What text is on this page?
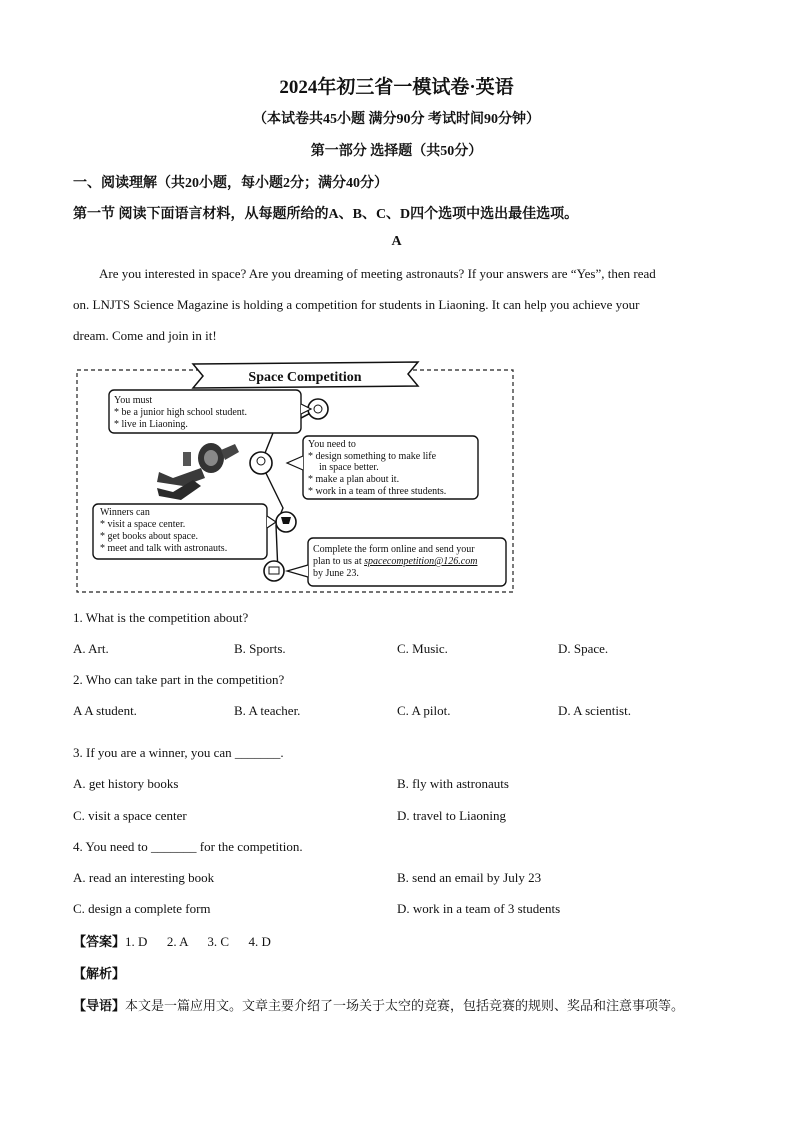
2024年初三省一模试卷·英语
（本试卷共45小题 满分90分 考试时间90分钟）
第一部分 选择题（共50分）
一、阅读理解（共20小题，每小题2分；满分40分）
第一节 阅读下面语言材料，从每题所给的A、B、C、D四个选项中选出最佳选项。
A
Are you interested in space? Are you dreaming of meeting astronauts? If your answers are “Yes”, then read
on. LNJTS Science Magazine is holding a competition for students in Liaoning. It can help you achieve your
dream. Come and join in it!
Space Competition
You must
* be a junior high school student.
* live in Liaoning.
You need to
* design something to make life
in space better.
* make a plan about it.
* work in a team of three students.
Winners can
* visit a space center.
* get books about space.
* meet and talk with astronauts.	Complete the form online and send your
plan to us at spacecompetition@126.com
by June 23.
1. What is the competition about?
A. Art.	B. Sports.	C. Music.	D. Space.
2. Who can take part in the competition?
A A student.	B. A teacher.	C. A pilot.	D. A scientist.
3. If you are a winner, you can _______.
A. get history books	B. fly with astronauts
C. visit a space center	D. travel to Liaoning
4. You need to _______ for the competition.
A. read an interesting book	B. send an email by July 23
C. design a complete form	D. work in a team of 3 students
【答案】1. D      2. A      3. C      4. D
【解析】
【导语】本文是一篇应用文。文章主要介绍了一场关于太空的竞赛，包括竞赛的规则、奖品和注意事项等。
